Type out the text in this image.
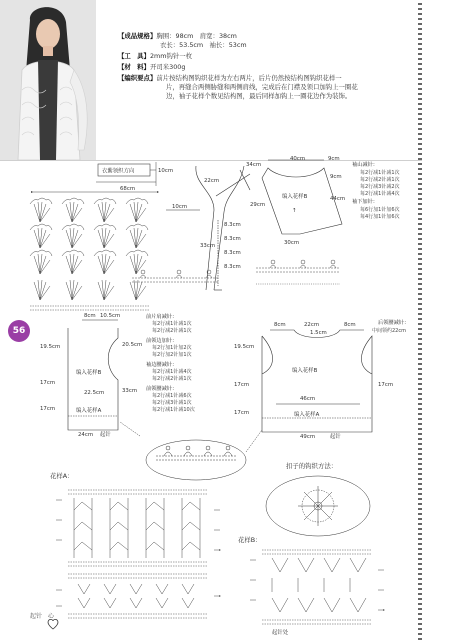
【成品规格】胸围：98cm　肩宽：38cm
衣长：53.5cm　袖长：53cm
【工　具】2mm钩针一枚
【材　料】开司米300g
【编织要点】前片按结构图钩织花样为左右两片，后片仍然按结构图钩织花样一
片，再缝合两侧胁缝和两侧肩线，完成后在门襟及领口加钩上一圈花
边，袖子花样个数见结构图，最后同样加钩上一圈花边作为装饰。
衣紫领织方向	10cm
68cm
22cm
34cm
10cm	29cm
8.3cm
8.3cm
8.3cm
33cm
8.3cm
40cm	9cm
编入花样B
↑
44cm
9cm
30cm
袖山减针：
每2行减1针减1次
每2行减2针减1次
每2行减3针减2次
每2行减1针减4次
袖下加针：
每6行加1针加6次
每4行加1针加6次
8cm 10.5cm
19.5cm	20.5cm
编入花样B
17cm
22.5cm	33cm
编入花样A
17cm
24cm 起针
前片肩减针：
每2行减1针减1次
每2行减2针减1次
前领边加针：
每2行加1针加2次
每2行加2针加1次
袖边腰减针：
每2行减1针减4次
每2行减2针减1次
前领腰减针：
每2行减1针减6次
每2行减3针减1次
每2行减1针减10次
8cm	22cm	8cm	后领腰减针：
1.5cm	中间领约22cm
19.5cm
编入花样B
17cm	17cm
46cm
编入花样A
17cm
49cm	起针
扣子的钩织方法：
花样A：
花样B：
起针处
56
起针　心
